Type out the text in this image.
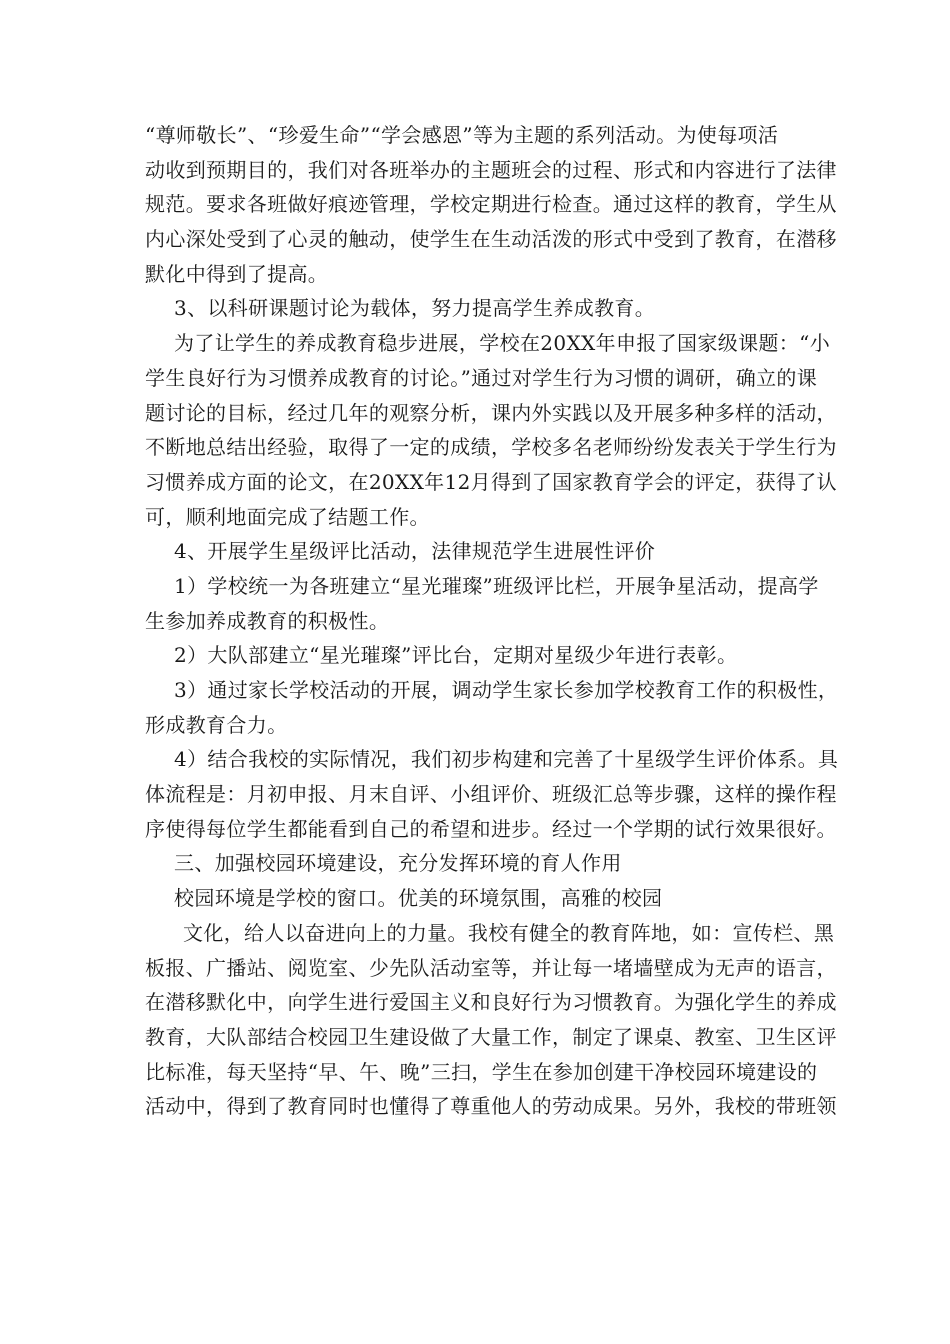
“尊师敬长”、“珍爱生命”“学会感恩”等为主题的系列活动。为使每项活
动收到预期目的，我们对各班举办的主题班会的过程、形式和内容进行了法律
规范。要求各班做好痕迹管理，学校定期进行检查。通过这样的教育，学生从
内心深处受到了心灵的触动，使学生在生动活泼的形式中受到了教育，在潜移
默化中得到了提高。
3、以科研课题讨论为载体，努力提高学生养成教育。
为了让学生的养成教育稳步进展，学校在20XX年申报了国家级课题：“小
学生良好行为习惯养成教育的讨论。”通过对学生行为习惯的调研，确立的课
题讨论的目标，经过几年的观察分析，课内外实践以及开展多种多样的活动，
不断地总结出经验，取得了一定的成绩，学校多名老师纷纷发表关于学生行为
习惯养成方面的论文，在20XX年12月得到了国家教育学会的评定，获得了认
可，顺利地面完成了结题工作。
4、开展学生星级评比活动，法律规范学生进展性评价
1）学校统一为各班建立“星光璀璨”班级评比栏，开展争星活动，提高学
生参加养成教育的积极性。
2）大队部建立“星光璀璨”评比台，定期对星级少年进行表彰。
3）通过家长学校活动的开展，调动学生家长参加学校教育工作的积极性，
形成教育合力。
4）结合我校的实际情况，我们初步构建和完善了十星级学生评价体系。具
体流程是：月初申报、月末自评、小组评价、班级汇总等步骤，这样的操作程
序使得每位学生都能看到自己的希望和进步。经过一个学期的试行效果很好。
三、加强校园环境建设，充分发挥环境的育人作用
校园环境是学校的窗口。优美的环境氛围，高雅的校园
文化，给人以奋进向上的力量。我校有健全的教育阵地，如：宣传栏、黑
板报、广播站、阅览室、少先队活动室等，并让每一堵墙壁成为无声的语言，
在潜移默化中，向学生进行爱国主义和良好行为习惯教育。为强化学生的养成
教育，大队部结合校园卫生建设做了大量工作，制定了课桌、教室、卫生区评
比标准，每天坚持“早、午、晚”三扫，学生在参加创建干净校园环境建设的
活动中，得到了教育同时也懂得了尊重他人的劳动成果。另外，我校的带班领
